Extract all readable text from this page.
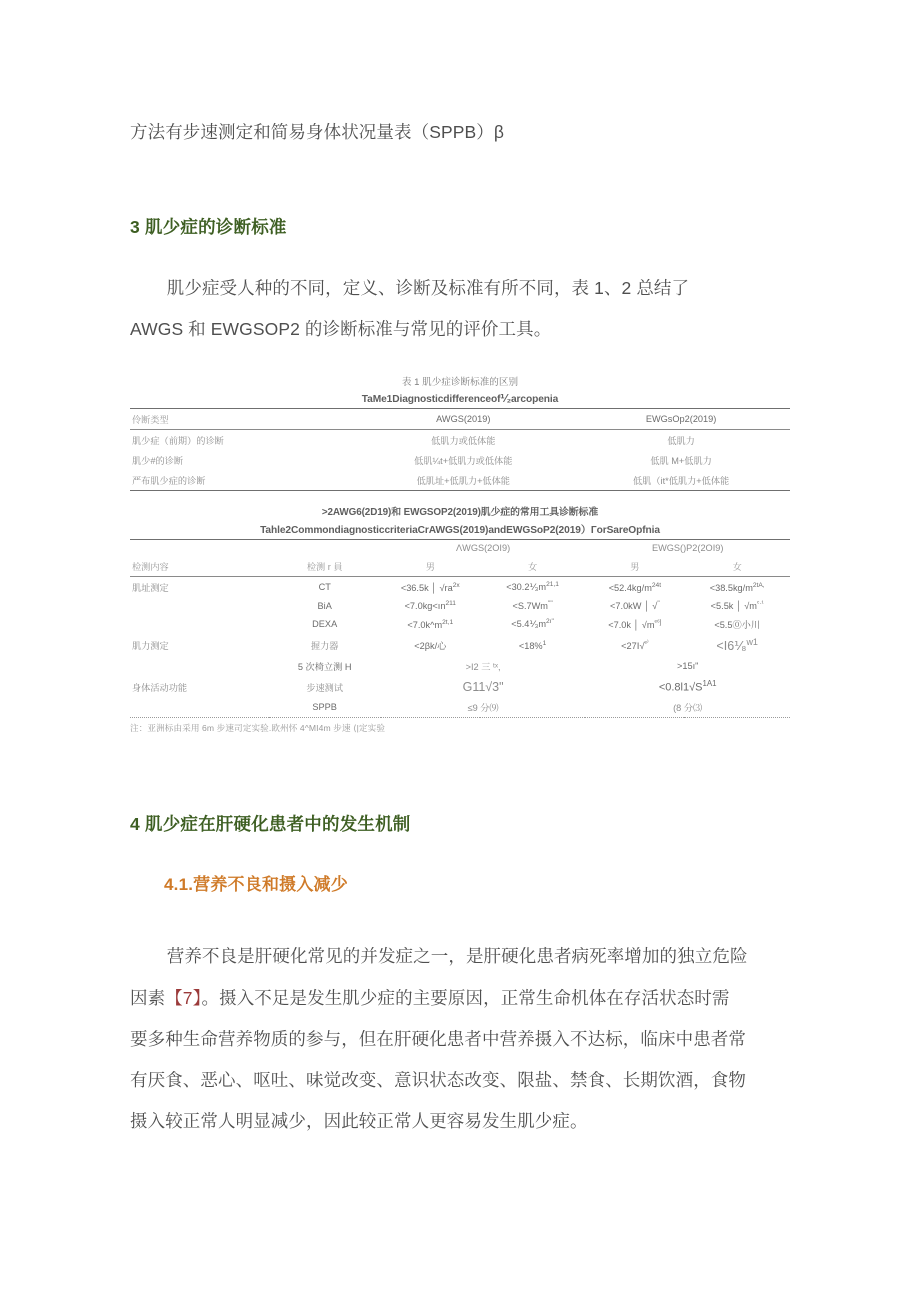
方法有步速测定和简易身体状况量表（SPPB）β

3 肌少症的诊断标准

肌少症受人种的不同，定义、诊断及标准有所不同，表 1、2 总结了

AWGS 和 EWGSOP2 的诊断标准与常见的评价工具。

表 1 肌少症诊断标准的区别
TaMe1Diagnosticdifferenceof⅟₂arcopenia
伶断类型	AWGS(2019)	EWGsOp2(2019)
肌少症（前期）的诊断	低肌力或低体能	低肌力
肌少#的诊断	低肌¼t+低肌力或低体能	低肌 M+低肌力
严布肌少症的诊断	低肌址+低肌力+低体能	低肌（it*低肌力+低体能
>2AWG6(2D19)和 EWGSOP2(2019)肌少症的常用工具诊断标准
Tahle2CommondiagnosticcriteriaCrAWGS(2019)andEWGSoP2(2019）ГorSareOpfnia
检测内容	检测 r 員	ΛWGS(2OI9)		EWGS()P2(2OI9)	
		男	女	男	女
肌址测定	CT	<36.5k │ $√ra^{2x}$	$<30.2⅟_3m^{21,1}$	$<52.4kg/m^{24t}$	$<38.5kg/m^{2tA,}$
	BiA	$<7.0kg<ın^{211}$	<S.7Wm""	<7.0kW │ √"	<5.5k │ $√m^{ᶜ\cdot^1}$
	DEXA	$<7.0k\^{}m^{2t,1}$	$<5.4⅟_3m^{2ı"}$	<7.0k │ $√m^{ᵉ^6]}$	<5.5⓪小川
肌力测定	握力器	<2βk/心	<18%$^1$	<27Ⅰ√$^{ᵉ^)}$	<I6⅟₈$^{w1}$
	5 次椅立测 H	>I2 三 ᵗˣ,		>15ı"	
身体活动功能	步速测试	G11√3"		$<0.8l1√S^{1A1}$
	SPPB	≤9 分⑼		(8 分⑶	
注：亚洲标由采用 6m 步速司定实验.欧州怀 4^MI4m 步速 ⟨|定实验
4 肌少症在肝硬化患者中的发生机制
4.1.营养不良和摄入减少

营养不良是肝硬化常见的并发症之一，是肝硬化患者病死率增加的独立危险

因素【7】。摄入不足是发生肌少症的主要原因，正常生命机体在存活状态时需

要多种生命营养物质的参与，但在肝硬化患者中营养摄入不达标，临床中患者常

有厌食、恶心、呕吐、味觉改变、意识状态改变、限盐、禁食、长期饮酒，食物

摄入较正常人明显减少，因此较正常人更容易发生肌少症。
